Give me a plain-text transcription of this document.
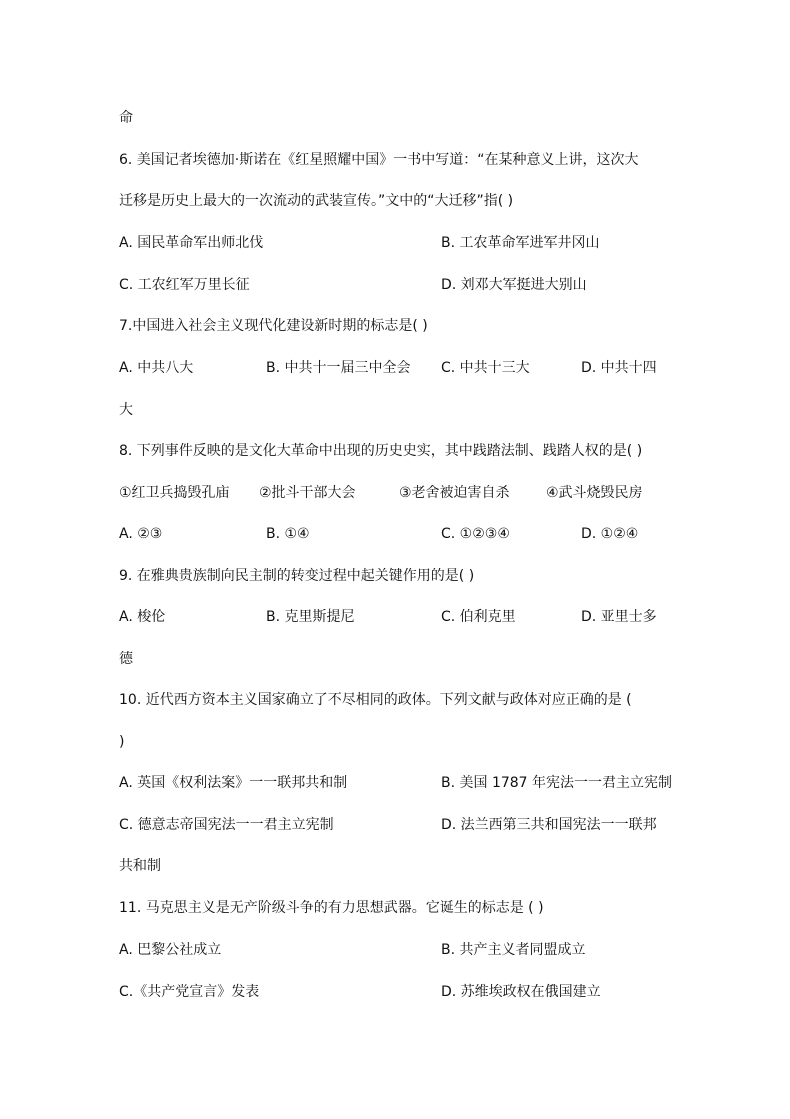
命
6. 美国记者埃德加·斯诺在《红星照耀中国》一书中写道：“在某种意义上讲，这次大
迁移是历史上最大的一次流动的武装宣传。”文中的“大迁移”指( )
A. 国民革命军出师北伐	B. 工农革命军进军井冈山
C. 工农红军万里长征	D. 刘邓大军挺进大别山
7.中国进入社会主义现代化建设新时期的标志是( )
A. 中共八大	B. 中共十一届三中全会 C. 中共十三大	D. 中共十四
大
8. 下列事件反映的是文化大革命中出现的历史史实，其中践踏法制、践踏人权的是( )
①红卫兵捣毁孔庙 ②批斗干部大会	③老舍被迫害自杀	④武斗烧毁民房
A. ②③	B. ①④	C. ①②③④	D. ①②④
9. 在雅典贵族制向民主制的转变过程中起关键作用的是( )
A. 梭伦	B. 克里斯提尼	C. 伯利克里	D. 亚里士多
德
10. 近代西方资本主义国家确立了不尽相同的政体。下列文献与政体对应正确的是 (
)
A. 英国《权利法案》一一联邦共和制	B. 美国 1787 年宪法一一君主立宪制
C. 德意志帝国宪法一一君主立宪制	D. 法兰西第三共和国宪法一一联邦
共和制
11. 马克思主义是无产阶级斗争的有力思想武器。它诞生的标志是 ( )
A. 巴黎公社成立	B. 共产主义者同盟成立
C.《共产党宣言》发表	D. 苏维埃政权在俄国建立
